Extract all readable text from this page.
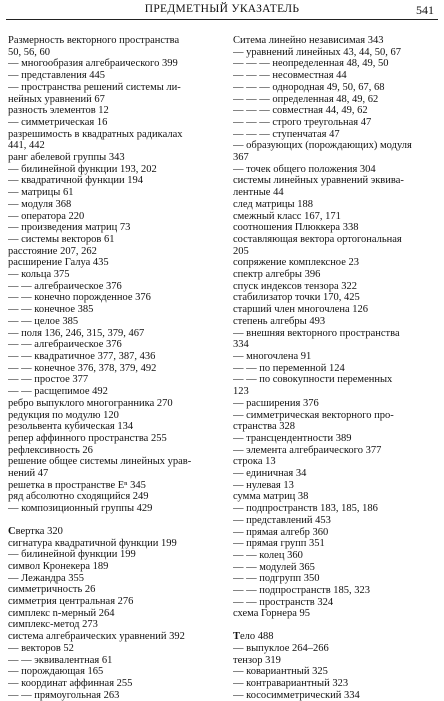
ПРЕДМЕТНЫЙ УКАЗАТЕЛЬ	541
Размерность векторного пространства
50, 56, 60
— многообразия алгебраического 399
— представления 445
— пространства решений системы ли-
нейных уравнений 67
разность элементов 12
— симметрическая 16
разрешимость в квадратных радикалах
441, 442
ранг абелевой группы 343
— билинейной функции 193, 202
— квадратичной функции 194
— матрицы 61
— модуля 368
— оператора 220
— произведения матриц 73
— системы векторов 61
расстояние 207, 262
расширение Галуа 435
— кольца 375
— — алгебраическое 376
— — конечно порожденное 376
— — конечное 385
— — целое 385
— поля 136, 246, 315, 379, 467
— — алгебраическое 376
— — квадратичное 377, 387, 436
— — конечное 376, 378, 379, 492
— — простое 377
— — расщепимое 492
ребро выпуклого многогранника 270
редукция по модулю 120
резольвента кубическая 134
репер аффинного пространства 255
рефлексивность 26
решение общее системы линейных урав-
нений 47
решетка в пространстве Eⁿ 345
ряд абсолютно сходящийся 249
— композиционный группы 429
Свертка 320
сигнатура квадратичной функции 199
— билинейной функции 199
символ Кронекера 189
— Лежандра 355
симметричность 26
симметрия центральная 276
симплекс n-мерный 264
симплекс-метод 273
система алгебраических уравнений 392
— векторов 52
— — эквивалентная 61
— порождающая 165
— координат аффинная 255
— — прямоугольная 263
Ситема линейно независимая 343
— уравнений линейных 43, 44, 50, 67
— — — неопределенная 48, 49, 50
— — — несовместная 44
— — — однородная 49, 50, 67, 68
— — — определенная 48, 49, 62
— — — совместная 44, 49, 62
— — — строго треугольная 47
— — — ступенчатая 47
— образующих (порождающих) модуля
367
— точек общего положения 304
системы линейных уравнений эквива-
лентные 44
след матрицы 188
смежный класс 167, 171
соотношения Плюккера 338
составляющая вектора ортогональная
205
сопряжение комплексное 23
спектр алгебры 396
спуск индексов тензора 322
стабилизатор точки 170, 425
старший член многочлена 126
степень алгебры 493
— внешняя векторного пространства
334
— многочлена 91
— — по переменной 124
— — по совокупности переменных
123
— расширения 376
— симметрическая векторного про-
странства 328
— трансцендентности 389
— элемента алгебраического 377
строка 13
— единичная 34
— нулевая 13
сумма матриц 38
— подпространств 183, 185, 186
— представлений 453
— прямая алгебр 360
— прямая групп 351
— — колец 360
— — модулей 365
— — подгрупп 350
— — подпространств 185, 323
— — пространств 324
схема Горнера 95
Тело 488
— выпуклое 264–266
тензор 319
— ковариантный 325
— контравариантный 323
— кососимметрический 334
